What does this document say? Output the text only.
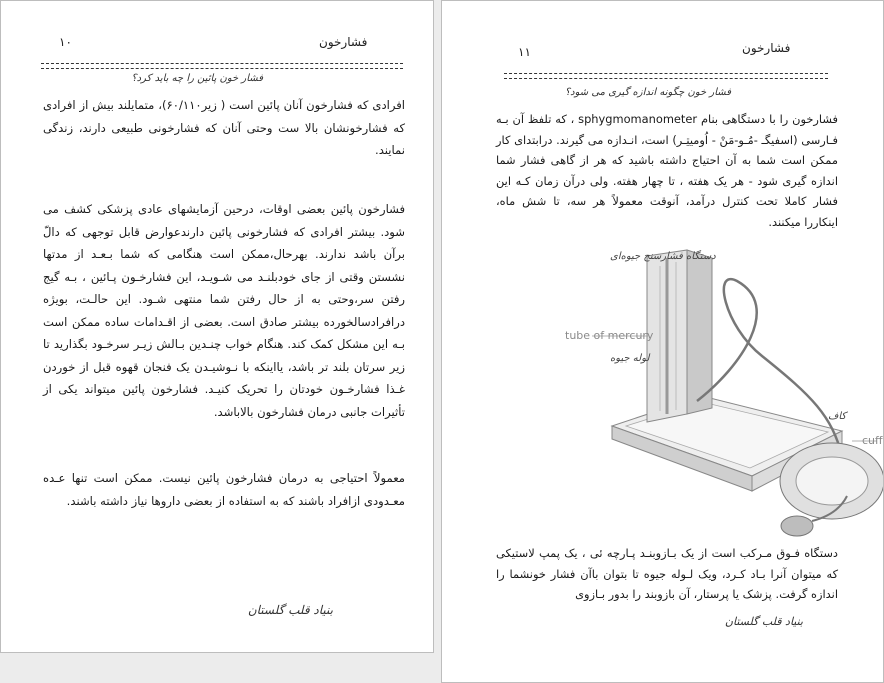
فشارخون
۱۰
فشار خون پائین را چه باید کرد؟

افرادی که فشارخون آنان پائین است ( زیر۶۰/۱۱۰)، متمایلند بیش از افرادی که فشارخونشان بالا ست وحتی آنان که فشارخونی طبیعی دارند، زندگی نمایند.

فشارخون پائین بعضی اوقات، درحین آزمایشهای عادی پزشکی کشف می شود. بیشتر افرادی که فشارخونی پائین دارندعوارض قابل توجهی که دالّ برآن باشد ندارند. بهرحال،ممکن است هنگامی که شما بـعـد از مدتها نشستن وقتی از جای خودبلنـد می شـویـد، این فشارخـون پـائین ، بـه گیج رفتن سر،وحتی به از حال رفتن شما منتهی شـود. این حالـت، بویژه درافرادسالخورده بیشتر صادق است. بعضی از اقـدامات ساده ممکن است بـه این مشکل کمک کند. هنگام خواب چنـدین بـالش زیـر سرخـود بگذارید تا زیر سرتان بلند تر باشد، یااینکه با نـوشیـدن یک فنجان قهوه قبل از خوردن غـذا فشارخـون خودتان را تحریک کنیـد. فشارخون پائین میتواند یکی از تأثیرات جانبی درمان فشارخون بالاباشد.

معمولاً احتیاجی به درمان فشارخون پائین نیست. ممکن است تنها عـده معـدودی ازافراد باشند که به استفاده از بعضی داروها نیاز داشته باشند.

بنیاد قلب گلستان
فشارخون
۱۱
فشار خون چگونه اندازه گیری می شود؟

فشارخون را با دستگاهی بنام sphygmomanometer ، که تلفظ آن بـه فـارسی (اسفیگـ -مُـو-مَنْ - اُومیتِـر) است، انـدازه می گیرند. درابتدای کار ممکن است شما به آن احتیاج داشته باشید که هر از گاهی فشار شما اندازه گیری شود - هر یک هفته ، تا چهار هفته. ولی درآن زمان کـه این فشار کاملا تحت کنترل درآمد، آنوقت معمولاً هر سه، تا شش ماه، اینکاررا میکنند.

دستگاه فشارسنج جیوه‌ای
tube of mercury
لوله جیوه
کاف
cuff

دستگاه فـوق مـرکب است از یک بـازوبنـد پـارچه ئی ، یک پمپ لاستیکی که میتوان آنرا بـاد کـرد، ویک لـوله جیوه تا بتوان باآن فشار خونشما را اندازه گرفت. پزشک یا پرستار، آن بازوبند را بدور بـازوی

بنیاد قلب گلستان
